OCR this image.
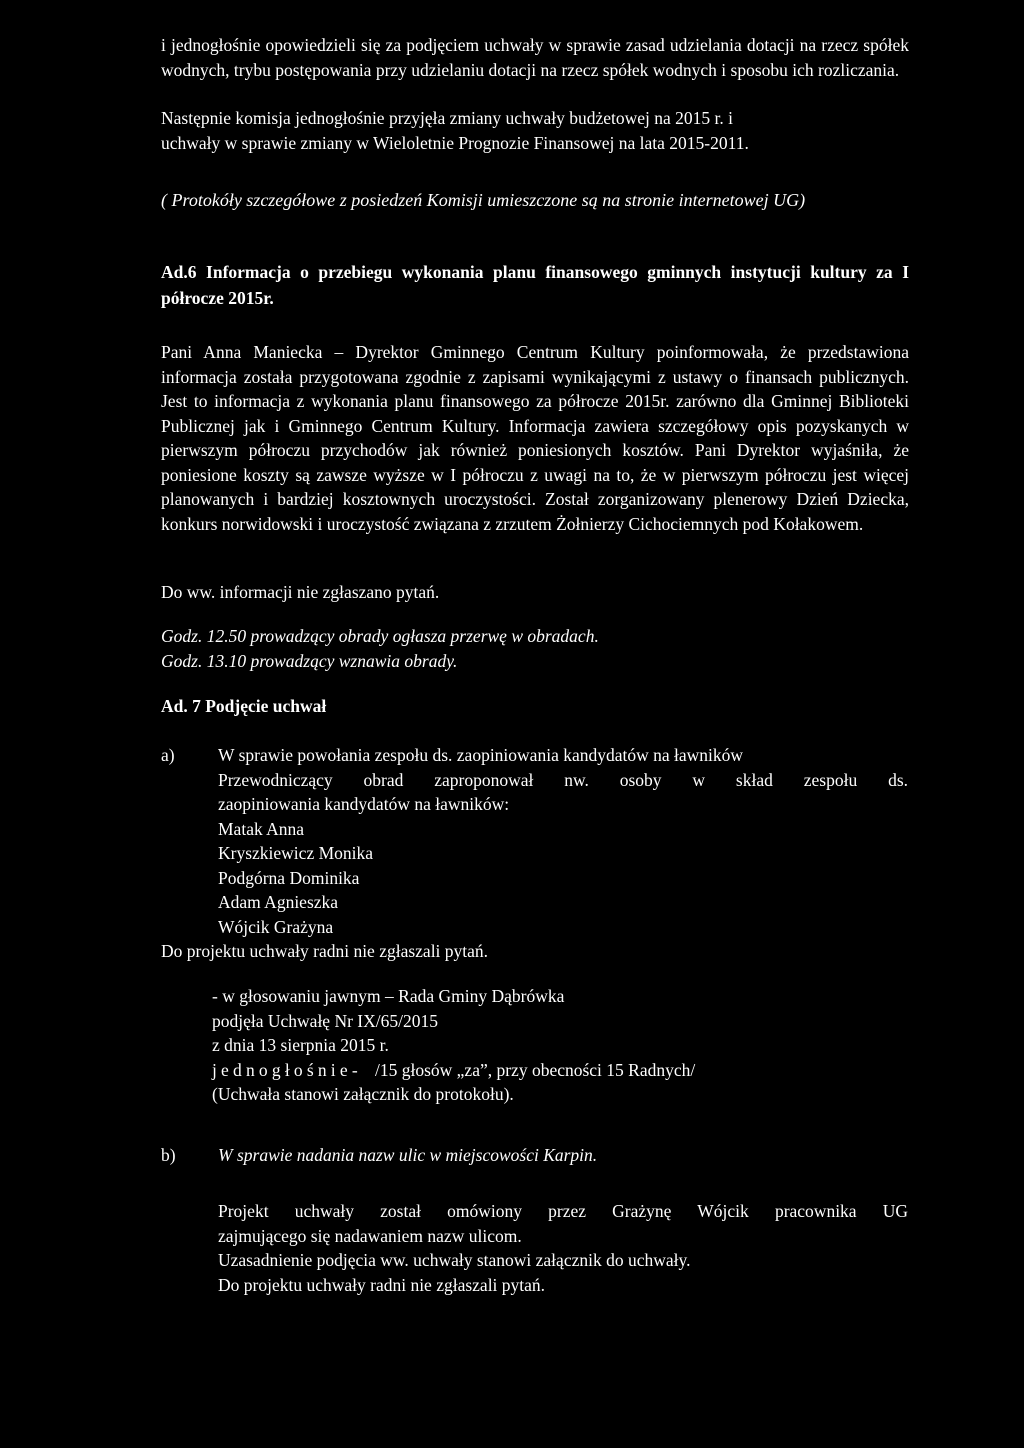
i jednogłośnie opowiedzieli się za podjęciem uchwały w sprawie zasad udzielania dotacji na rzecz spółek wodnych, trybu postępowania przy udzielaniu dotacji na rzecz spółek wodnych i sposobu ich rozliczania.

Następnie komisja jednogłośnie przyjęła zmiany uchwały budżetowej na 2015 r. i
uchwały w sprawie zmiany w Wieloletnie Prognozie Finansowej na lata 2015-2011.

( Protokóły szczegółowe z posiedzeń Komisji umieszczone są na stronie internetowej UG)

Ad.6 Informacja o przebiegu wykonania planu finansowego gminnych instytucji kultury za I półrocze 2015r.

Pani Anna Maniecka – Dyrektor Gminnego Centrum Kultury poinformowała, że przedstawiona informacja została przygotowana zgodnie z zapisami wynikającymi z ustawy o finansach publicznych. Jest to informacja z wykonania planu finansowego za półrocze 2015r. zarówno dla Gminnej Biblioteki Publicznej jak i Gminnego Centrum Kultury. Informacja zawiera szczegółowy opis pozyskanych w pierwszym półroczu przychodów jak również poniesionych kosztów. Pani Dyrektor wyjaśniła, że poniesione koszty są zawsze wyższe w I półroczu z uwagi na to, że w pierwszym półroczu jest więcej planowanych i bardziej kosztownych uroczystości. Został zorganizowany plenerowy Dzień Dziecka, konkurs norwidowski i uroczystość związana z zrzutem Żołnierzy Cichociemnych pod Kołakowem.

Do ww. informacji nie zgłaszano pytań.

Godz. 12.50 prowadzący obrady ogłasza przerwę w obradach.
Godz. 13.10 prowadzący wznawia obrady.

Ad. 7 Podjęcie uchwał

a) W sprawie powołania zespołu ds. zaopiniowania kandydatów na ławników
Przewodniczący obrad zaproponował nw. osoby w skład zespołu ds.
zaopiniowania kandydatów na ławników:
Matak Anna
Kryszkiewicz Monika
Podgórna Dominika
Adam Agnieszka
Wójcik Grażyna

Do projektu uchwały radni nie zgłaszali pytań.

- w głosowaniu jawnym – Rada Gminy Dąbrówka
podjęła Uchwałę Nr IX/65/2015
z dnia 13 sierpnia 2015 r.
jednogłośnie- /15 głosów „za”, przy obecności 15 Radnych/
(Uchwała stanowi załącznik do protokołu).
b) W sprawie nadania nazw ulic w miejscowości Karpin.

Projekt uchwały został omówiony przez Grażynę Wójcik pracownika UG
zajmującego się nadawaniem nazw ulicom.
Uzasadnienie podjęcia ww. uchwały stanowi załącznik do uchwały.
Do projektu uchwały radni nie zgłaszali pytań.
